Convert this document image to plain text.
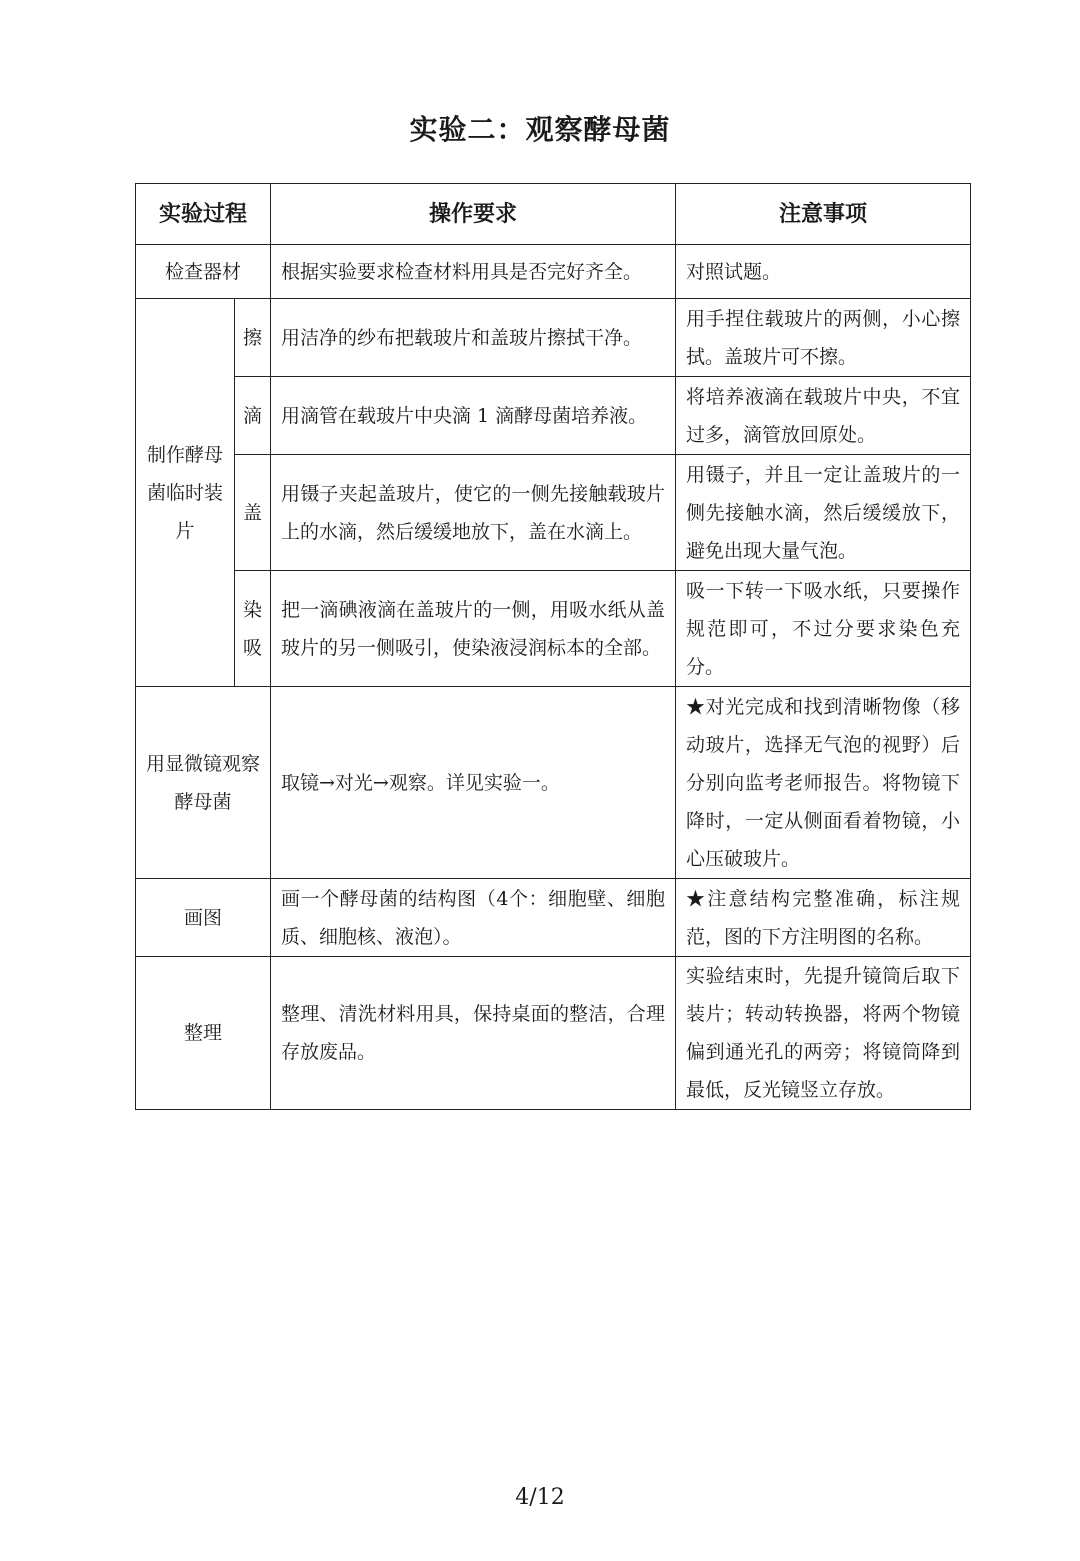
实验二：观察酵母菌
实验过程		操作要求	注意事项
检查器材		根据实验要求检查材料用具是否完好齐全。	对照试题。
制作酵母菌临时装片	擦	用洁净的纱布把载玻片和盖玻片擦拭干净。	用手捏住载玻片的两侧，小心擦拭。盖玻片可不擦。
	滴	用滴管在载玻片中央滴 1 滴酵母菌培养液。	将培养液滴在载玻片中央，不宜过多，滴管放回原处。
	盖	用镊子夹起盖玻片，使它的一侧先接触载玻片上的水滴，然后缓缓地放下，盖在水滴上。	用镊子，并且一定让盖玻片的一侧先接触水滴，然后缓缓放下，避免出现大量气泡。
	染吸	把一滴碘液滴在盖玻片的一侧，用吸水纸从盖玻片的另一侧吸引，使染液浸润标本的全部。	吸一下转一下吸水纸，只要操作规范即可，不过分要求染色充分。
用显微镜观察酵母菌		取镜→对光→观察。详见实验一。	★对光完成和找到清晰物像（移动玻片，选择无气泡的视野）后分别向监考老师报告。将物镜下降时，一定从侧面看着物镜，小心压破玻片。
画图		画一个酵母菌的结构图（4个：细胞壁、细胞质、细胞核、液泡）。	★注意结构完整准确，标注规范，图的下方注明图的名称。
整理		整理、清洗材料用具，保持桌面的整洁，合理存放废品。	实验结束时，先提升镜筒后取下装片；转动转换器，将两个物镜偏到通光孔的两旁；将镜筒降到最低，反光镜竖立存放。
4/12
